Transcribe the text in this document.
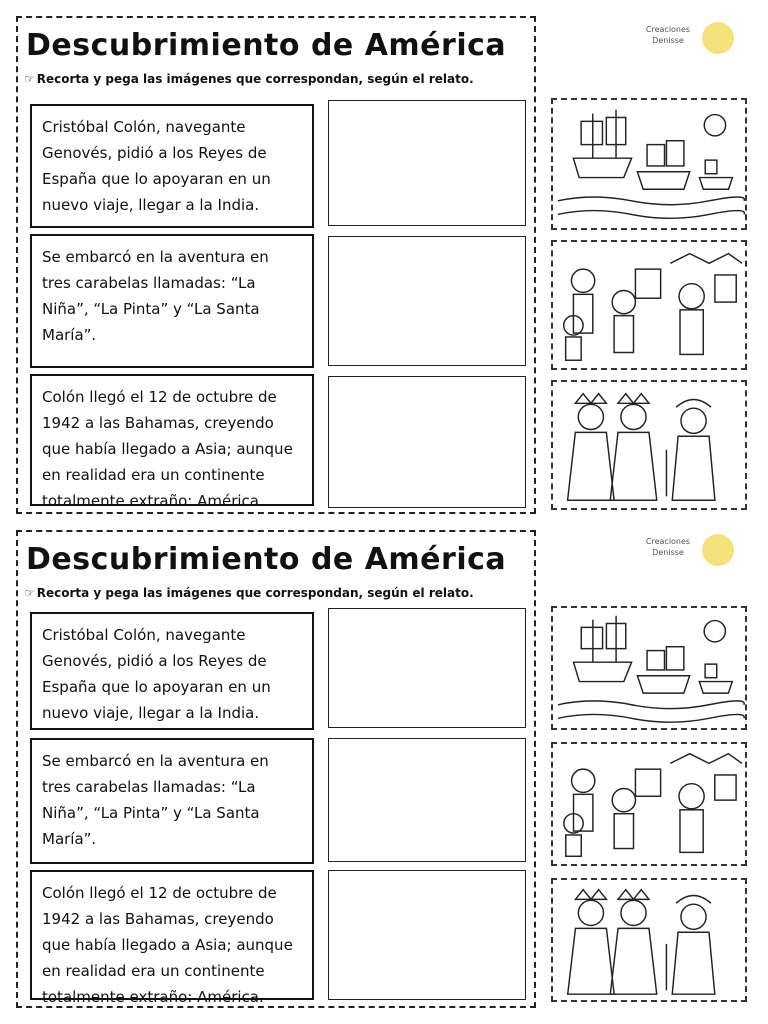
Descubrimiento de América
☞ Recorta y pega las imágenes que correspondan, según el relato.
Cristóbal Colón, navegante Genovés, pidió a los Reyes de España que lo apoyaran en un nuevo viaje, llegar a la India.
Se embarcó en la aventura en tres carabelas llamadas: “La Niña”, “La Pinta” y “La Santa María”.
Colón llegó el 12 de octubre de 1942 a las Bahamas, creyendo que había llegado a Asia; aunque en realidad era un continente totalmente extraño: América.
Descubrimiento de América
☞ Recorta y pega las imágenes que correspondan, según el relato.
Cristóbal Colón, navegante Genovés, pidió a los Reyes de España que lo apoyaran en un nuevo viaje, llegar a la India.
Se embarcó en la aventura en tres carabelas llamadas: “La Niña”, “La Pinta” y “La Santa María”.
Colón llegó el 12 de octubre de 1942 a las Bahamas, creyendo que había llegado a Asia; aunque en realidad era un continente totalmente extraño: América.
Creaciones
Denisse
Creaciones
Denisse
